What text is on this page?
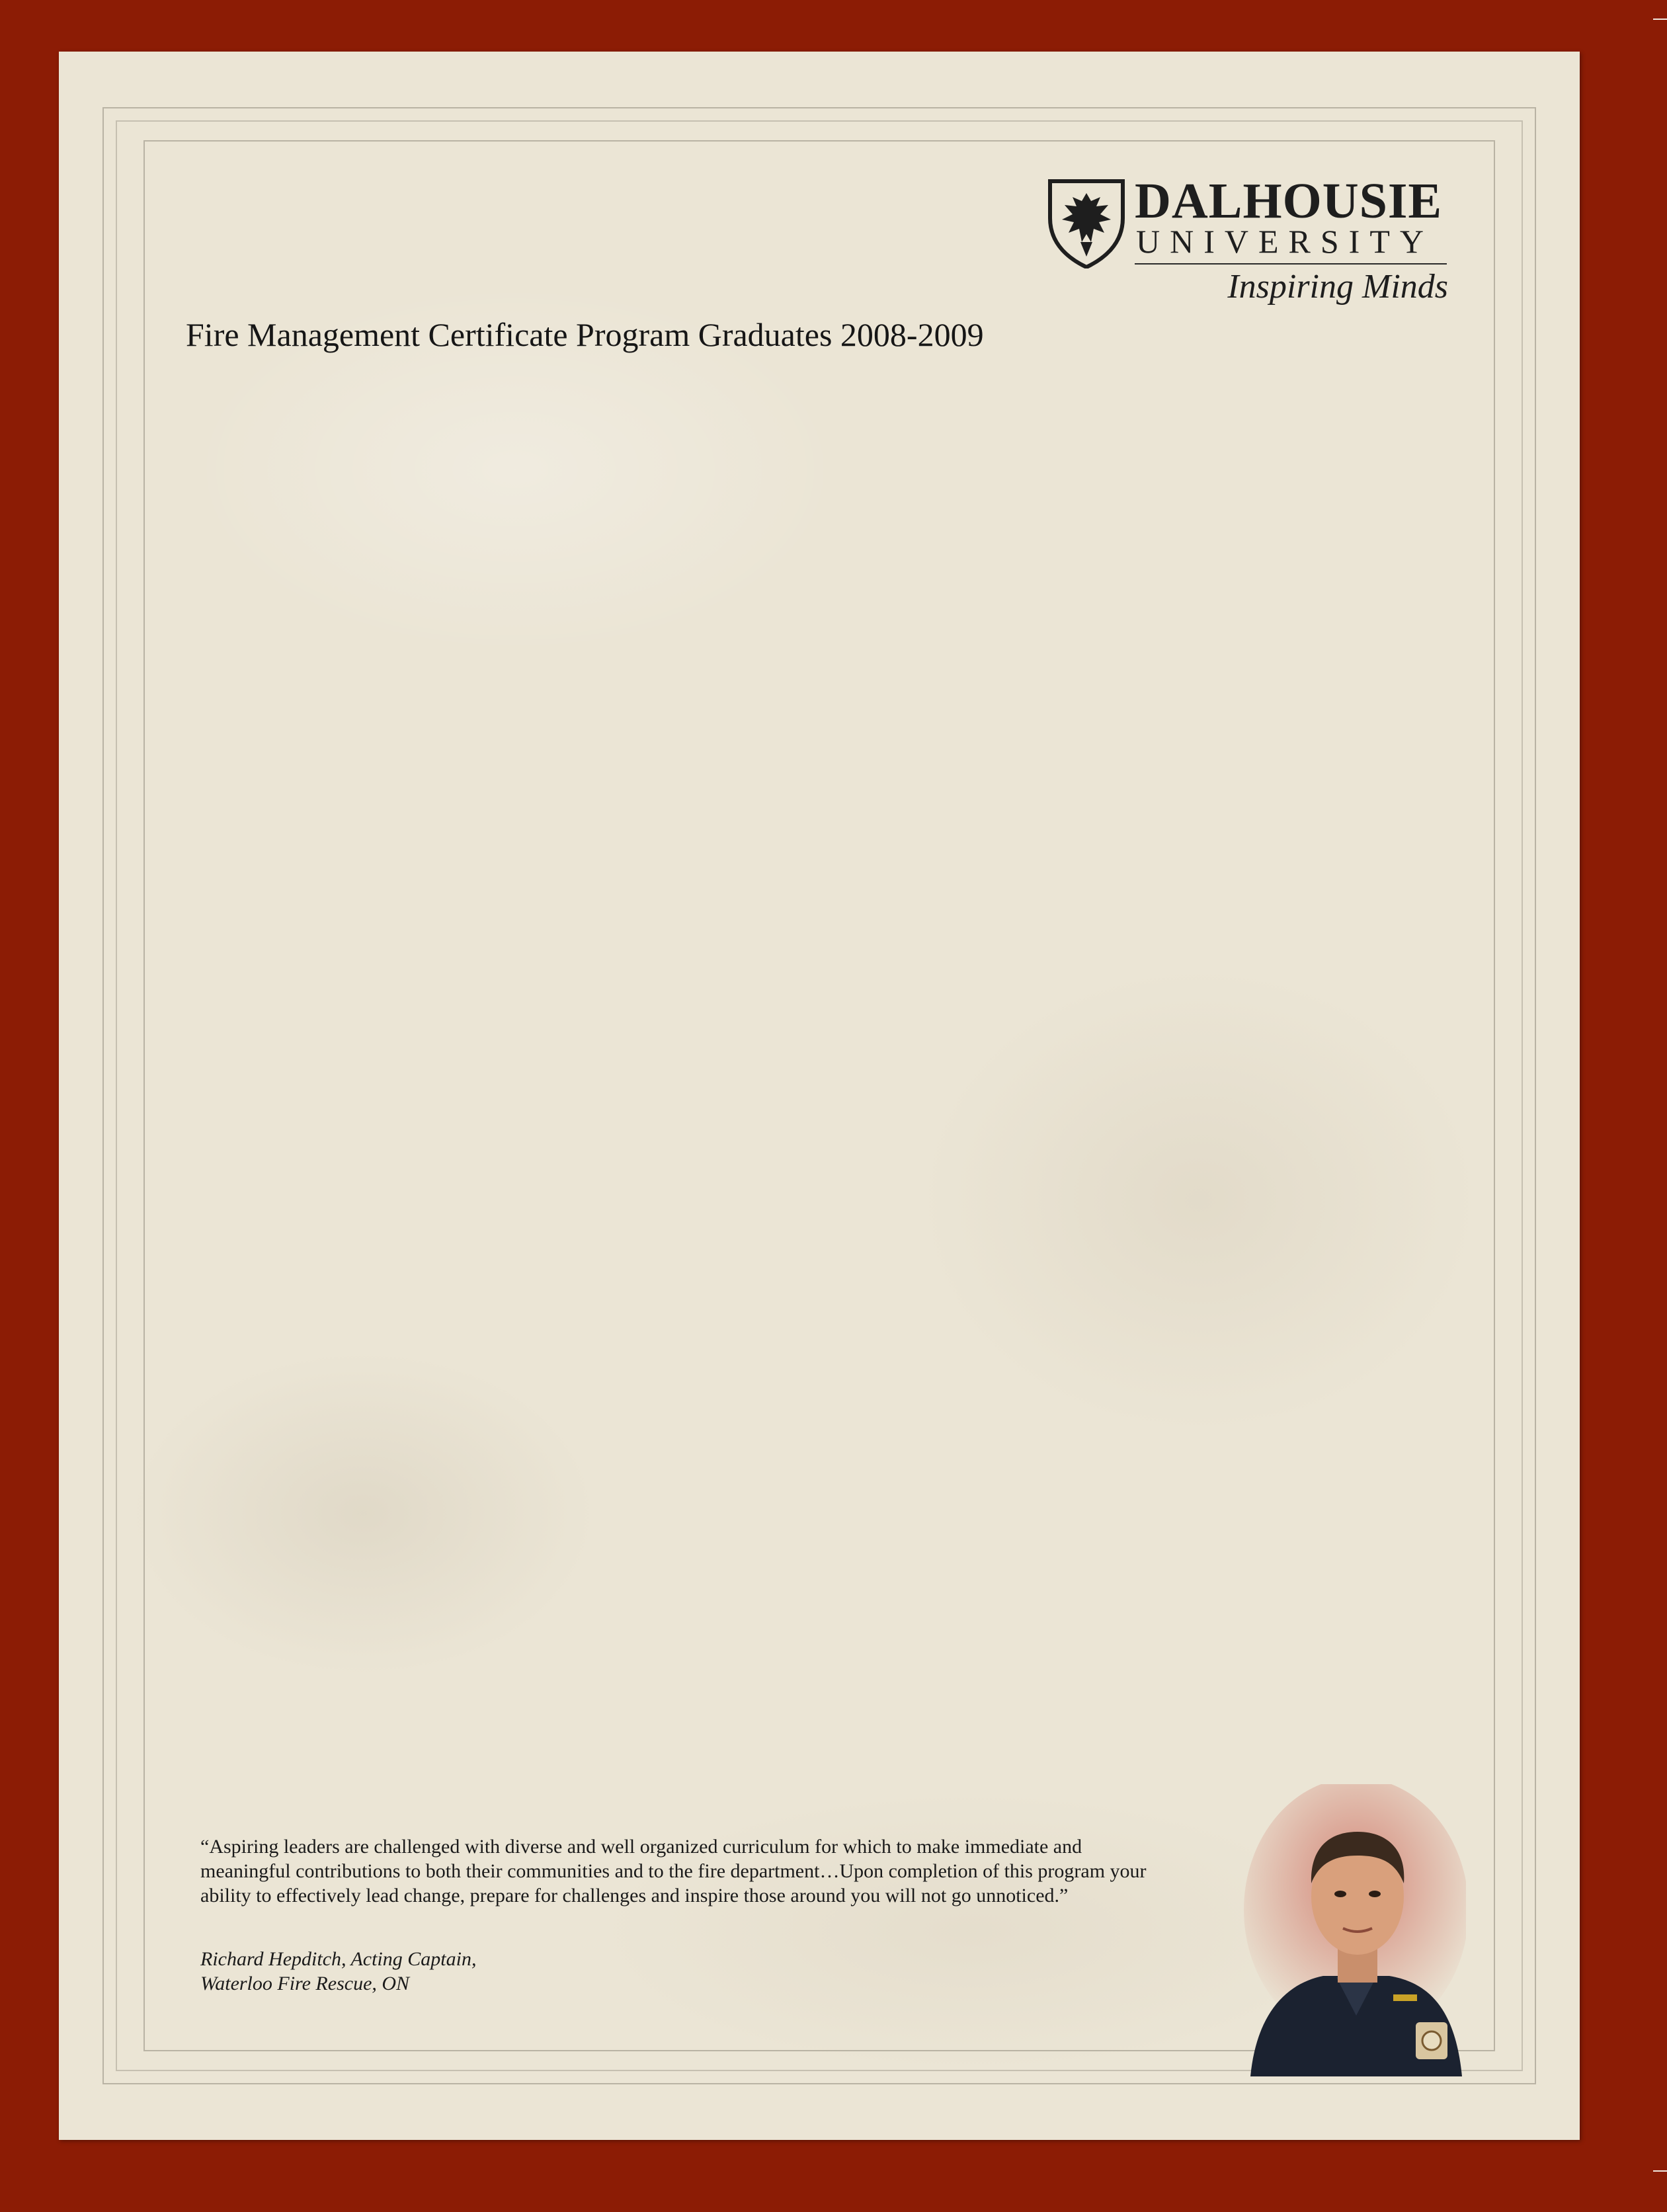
DALHOUSIE
UNIVERSITY
Inspiring Minds
Fire Management Certificate Program Graduates 2008-2009
“Aspiring leaders are challenged with diverse and well organized curriculum for which to make immediate and
meaningful contributions to both their communities and to the fire department…Upon completion of this program your
ability to effectively lead change, prepare for challenges and inspire those around you will not go unnoticed.”
Richard Hepditch, Acting Captain,
Waterloo Fire Rescue, ON
